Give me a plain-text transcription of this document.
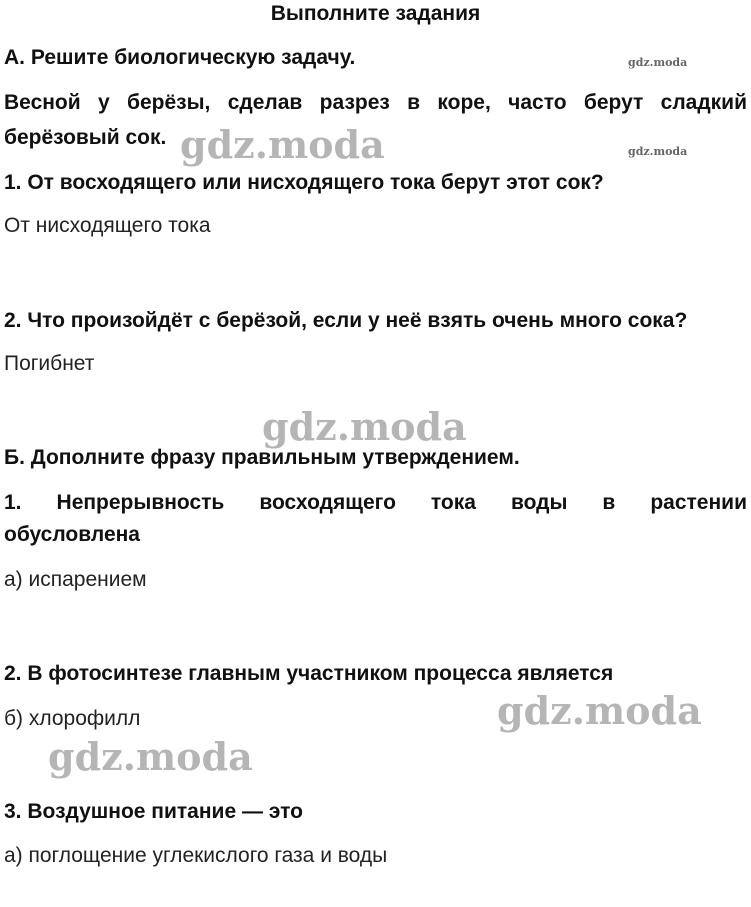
Выполните задания
А. Решите биологическую задачу.
Весной у берёзы, сделав разрез в коре, часто берут сладкий
берёзовый сок.
1. От восходящего или нисходящего тока берут этот сок?
От нисходящего тока
2. Что произойдёт с берёзой, если у неё взять очень много сока?
Погибнет
Б. Дополните фразу правильным утверждением.
1. Непрерывность восходящего тока воды в растении
обусловлена
а) испарением
2. В фотосинтезе главным участником процесса является
б) хлорофилл
3. Воздушное питание — это
а) поглощение углекислого газа и воды
gdz.moda
gdz.moda
gdz.moda
gdz.moda
gdz.moda
gdz.moda
